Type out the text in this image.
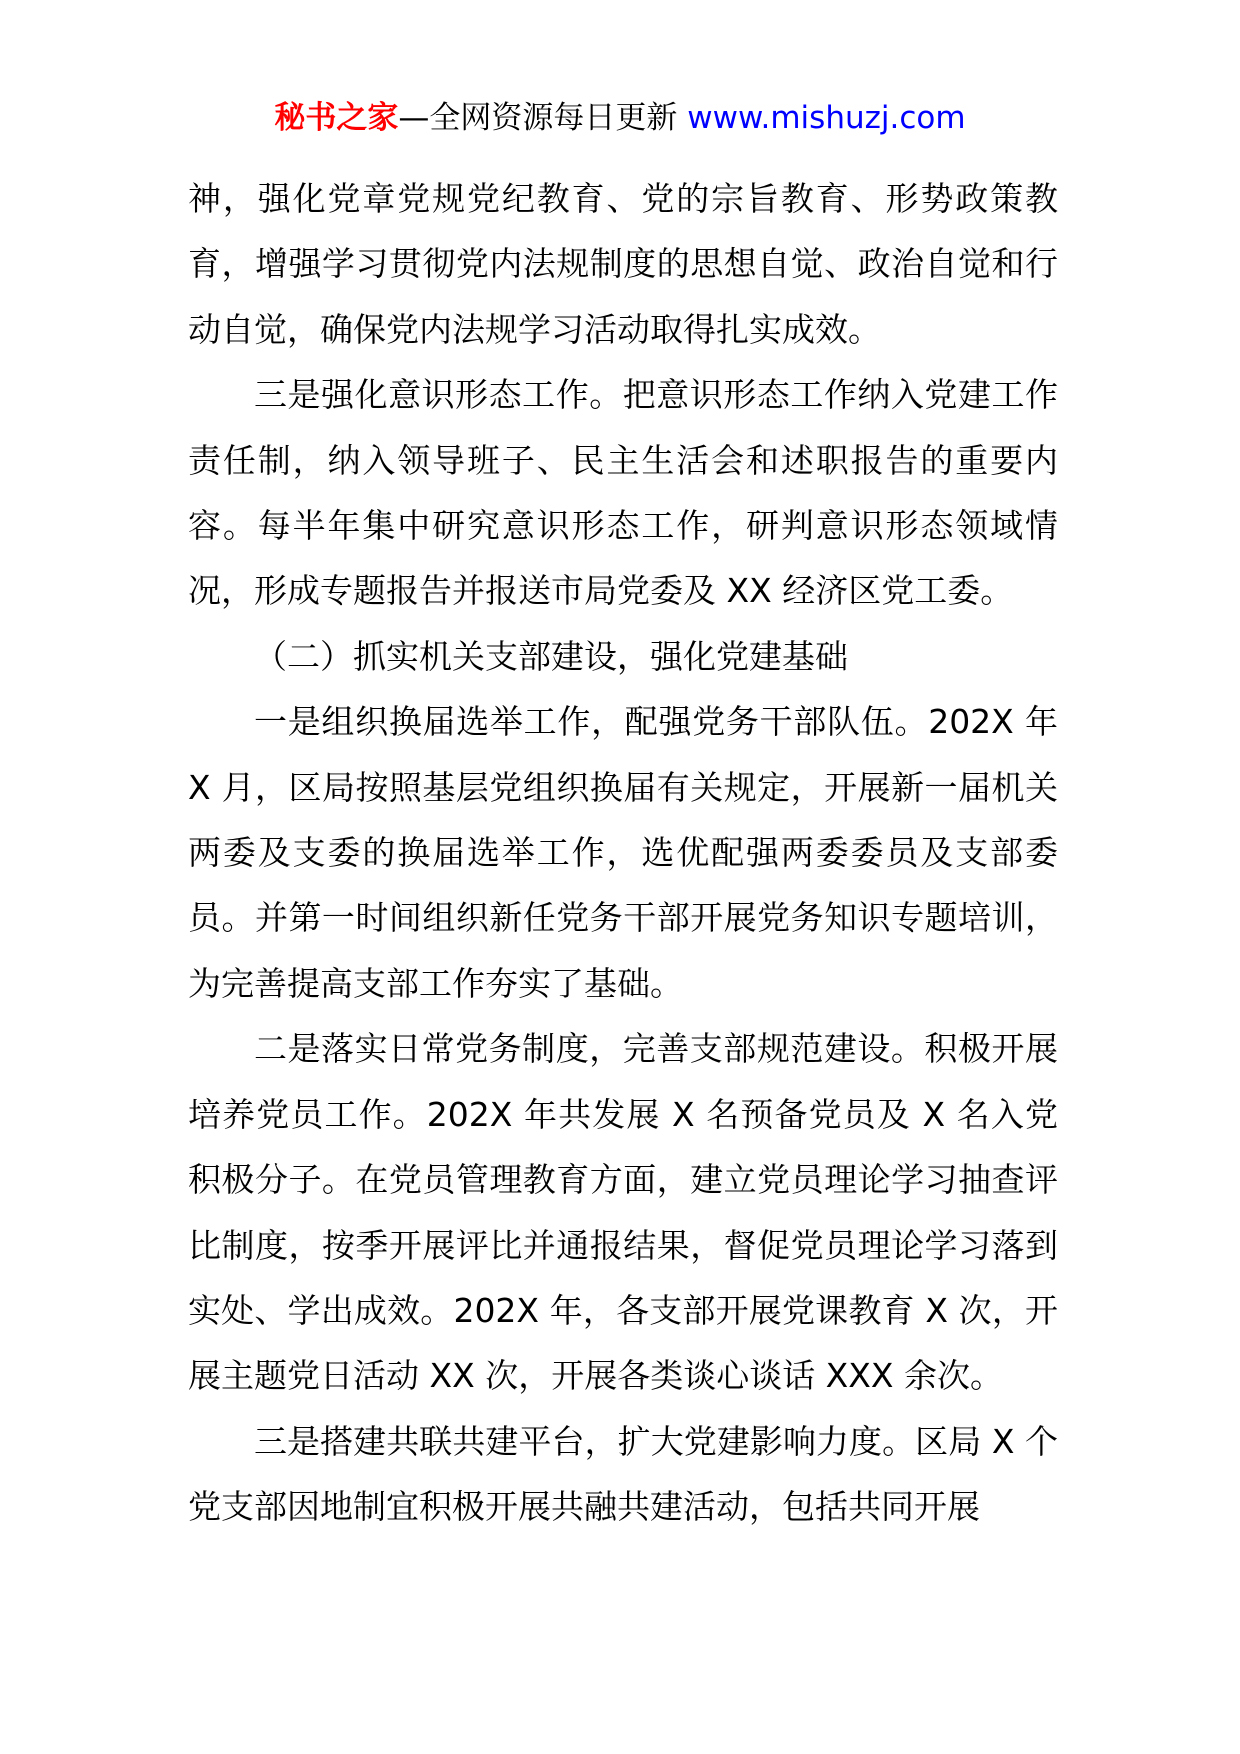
秘书之家—全网资源每日更新 www.mishuzj.com

神，强化党章党规党纪教育、党的宗旨教育、形势政策教育，增强学习贯彻党内法规制度的思想自觉、政治自觉和行动自觉，确保党内法规学习活动取得扎实成效。

三是强化意识形态工作。把意识形态工作纳入党建工作责任制，纳入领导班子、民主生活会和述职报告的重要内容。每半年集中研究意识形态工作，研判意识形态领域情况，形成专题报告并报送市局党委及 XX 经济区党工委。

（二）抓实机关支部建设，强化党建基础

一是组织换届选举工作，配强党务干部队伍。202X 年 X 月，区局按照基层党组织换届有关规定，开展新一届机关两委及支委的换届选举工作，选优配强两委委员及支部委员。并第一时间组织新任党务干部开展党务知识专题培训，为完善提高支部工作夯实了基础。

二是落实日常党务制度，完善支部规范建设。积极开展培养党员工作。202X 年共发展 X 名预备党员及 X 名入党积极分子。在党员管理教育方面，建立党员理论学习抽查评比制度，按季开展评比并通报结果，督促党员理论学习落到实处、学出成效。202X 年，各支部开展党课教育 X 次，开展主题党日活动 XX 次，开展各类谈心谈话 XXX 余次。

三是搭建共联共建平台，扩大党建影响力度。区局 X 个党支部因地制宜积极开展共融共建活动，包括共同开展
